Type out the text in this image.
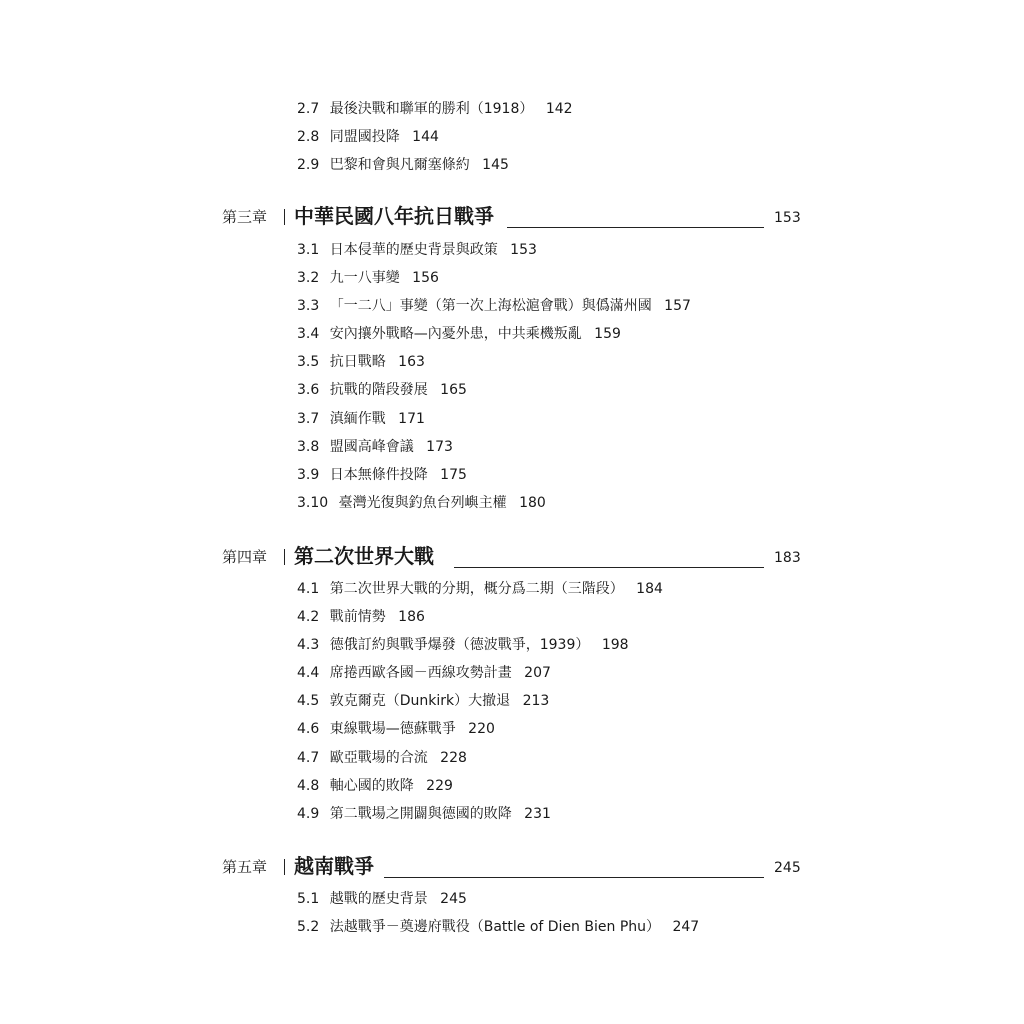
2.7 最後決戰和聯軍的勝利（1918） 142
2.8 同盟國投降 144
2.9 巴黎和會與凡爾塞條約 145
第三章 中華民國八年抗日戰爭	153
3.1 日本侵華的歷史背景與政策 153
3.2 九一八事變 156
3.3 「一二八」事變（第一次上海松滬會戰）與僞滿州國 157
3.4 安內攘外戰略—內憂外患，中共乘機叛亂 159
3.5 抗日戰略 163
3.6 抗戰的階段發展 165
3.7 滇緬作戰 171
3.8 盟國高峰會議 173
3.9 日本無條件投降 175
3.10 臺灣光復與釣魚台列嶼主權 180
第四章 第二次世界大戰	183
4.1 第二次世界大戰的分期，概分爲二期（三階段） 184
4.2 戰前情勢 186
4.3 德俄訂約與戰爭爆發（德波戰爭，1939） 198
4.4 席捲西歐各國－西線攻勢計畫 207
4.5 敦克爾克（Dunkirk）大撤退 213
4.6 東線戰場—德蘇戰爭 220
4.7 歐亞戰場的合流 228
4.8 軸心國的敗降 229
4.9 第二戰場之開闢與德國的敗降 231
第五章 越南戰爭	245
5.1 越戰的歷史背景 245
5.2 法越戰爭－奠邊府戰役（Battle of Dien Bien Phu） 247
